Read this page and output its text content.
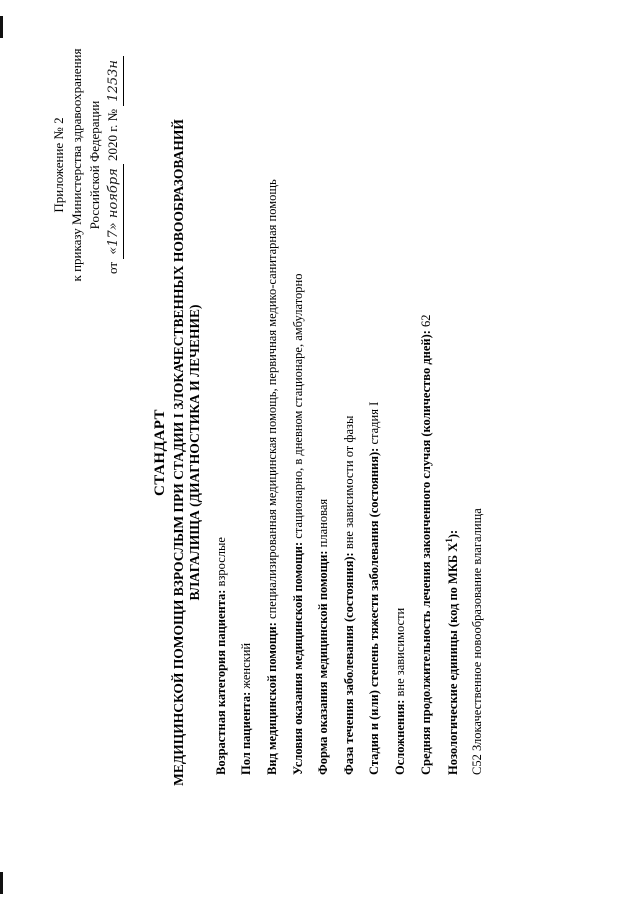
Приложение № 2 к приказу Министерства здравоохранения Российской Федерации
от «17» ноября 2020 г. № 1253н
СТАНДАРТ МЕДИЦИНСКОЙ ПОМОЩИ ВЗРОСЛЫМ ПРИ СТАДИИ I ЗЛОКАЧЕСТВЕННЫХ НОВООБРАЗОВАНИЙ ВЛАГАЛИЩА (ДИАГНОСТИКА И ЛЕЧЕНИЕ)
Возрастная категория пациента: взрослые
Пол пациента: женский Вид медицинской помощи: специализированная медицинская помощь, первичная медико-санитарная помощь
Условия оказания медицинской помощи: стационарно, в дневном стационаре, амбулаторно
Форма оказания медицинской помощи: плановая
Фаза течения заболевания (состояния): вне зависимости от фазы Стадия и (или) степень тяжести заболевания (состояния): стадия I
Осложнения: вне зависимости Средняя продолжительность лечения законченного случая (количество дней): 62
Нозологические единицы (код по МКБ $X^1$): C52 Злокачественное новообразование влагалища
